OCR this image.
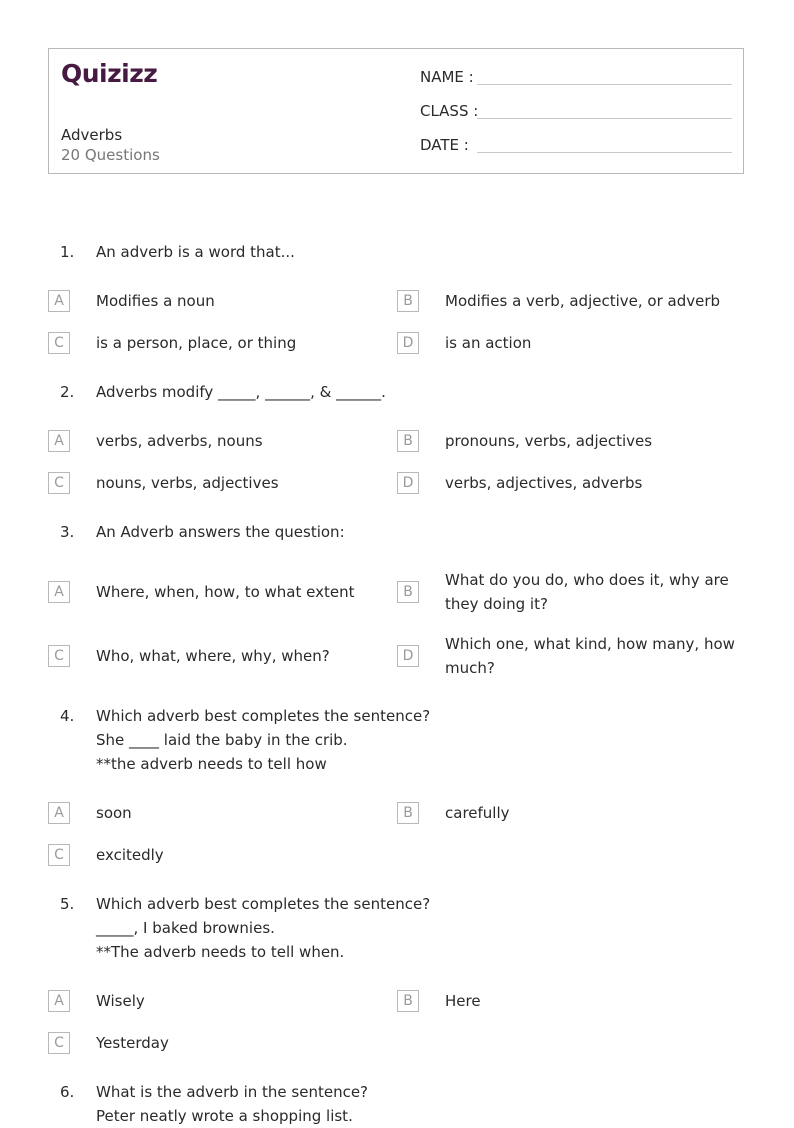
Quizizz
Adverbs
20 Questions
NAME :
CLASS :
DATE :
1. An adverb is a word that...
A	Modifies a noun	B	Modifies a verb, adjective, or adverb
C	is a person, place, or thing	D	is an action
2. Adverbs modify _____, ______, & ______.
A	verbs, adverbs, nouns	B	pronouns, verbs, adjectives
C	nouns, verbs, adjectives	D	verbs, adjectives, adverbs
3. An Adverb answers the question:
A	Where, when, how, to what extent	B
What do you do, who does it, why are they doing it?
C	Who, what, where, why, when?	D
Which one, what kind, how many, how much?
4. Which adverb best completes the sentence?
She ____ laid the baby in the crib.
**the adverb needs to tell how
A	soon	B	carefully
C	excitedly
5. Which adverb best completes the sentence?
_____, I baked brownies.
**The adverb needs to tell when.
A	Wisely	B	Here
C	Yesterday
6. What is the adverb in the sentence?
Peter neatly wrote a shopping list.
